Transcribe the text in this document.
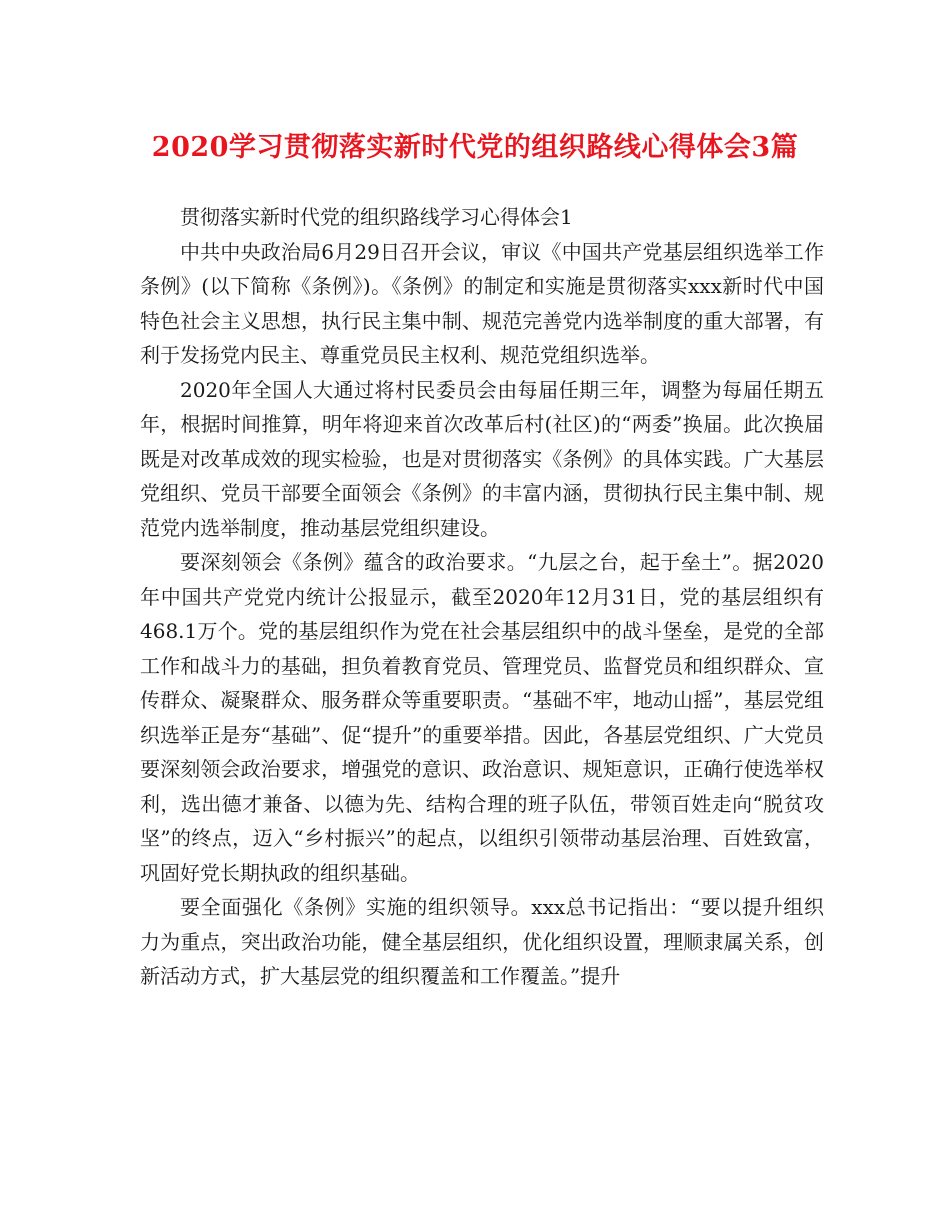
2020学习贯彻落实新时代党的组织路线心得体会3篇

贯彻落实新时代党的组织路线学习心得体会1

中共中央政治局6月29日召开会议，审议《中国共产党基层组织选举工作条例》(以下简称《条例》)。《条例》的制定和实施是贯彻落实xxx新时代中国特色社会主义思想，执行民主集中制、规范完善党内选举制度的重大部署，有利于发扬党内民主、尊重党员民主权利、规范党组织选举。

2020年全国人大通过将村民委员会由每届任期三年，调整为每届任期五年，根据时间推算，明年将迎来首次改革后村(社区)的“两委”换届。此次换届既是对改革成效的现实检验，也是对贯彻落实《条例》的具体实践。广大基层党组织、党员干部要全面领会《条例》的丰富内涵，贯彻执行民主集中制、规范党内选举制度，推动基层党组织建设。

要深刻领会《条例》蕴含的政治要求。“九层之台，起于垒土”。据2020年中国共产党党内统计公报显示，截至2020年12月31日，党的基层组织有468.1万个。党的基层组织作为党在社会基层组织中的战斗堡垒，是党的全部工作和战斗力的基础，担负着教育党员、管理党员、监督党员和组织群众、宣传群众、凝聚群众、服务群众等重要职责。“基础不牢，地动山摇”，基层党组织选举正是夯“基础”、促“提升”的重要举措。因此，各基层党组织、广大党员要深刻领会政治要求，增强党的意识、政治意识、规矩意识，正确行使选举权利，选出德才兼备、以德为先、结构合理的班子队伍，带领百姓走向“脱贫攻坚”的终点，迈入“乡村振兴”的起点，以组织引领带动基层治理、百姓致富，巩固好党长期执政的组织基础。

要全面强化《条例》实施的组织领导。xxx总书记指出：“要以提升组织力为重点，突出政治功能，健全基层组织，优化组织设置，理顺隶属关系，创新活动方式，扩大基层党的组织覆盖和工作覆盖。”提升
